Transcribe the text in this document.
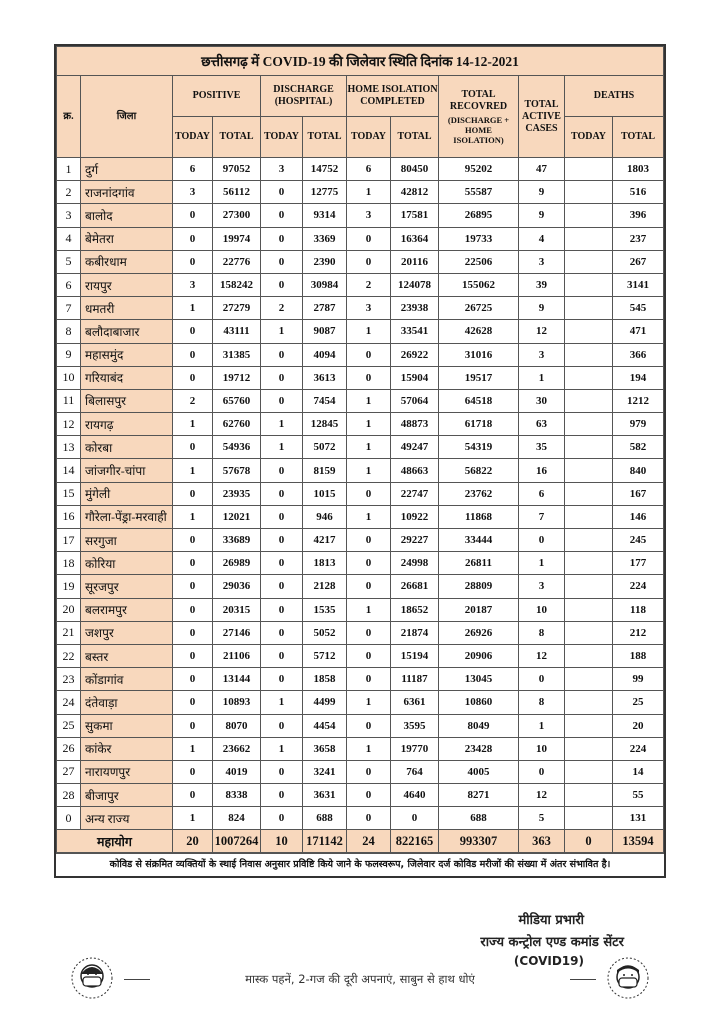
छत्तीसगढ़ में COVID-19 की जिलेवार स्थिति दिनांक 14-12-2021											
क्र.	जिला	POSITIVE		DISCHARGE (HOSPITAL)		HOME ISOLATION COMPLETED		TOTAL RECOVRED
(DISCHARGE + HOME ISOLATION)	TOTAL ACTIVE CASES	DEATHS	
		TODAY	TOTAL	TODAY	TOTAL	TODAY	TOTAL			TODAY	TOTAL
1	दुर्ग	6	97052	3	14752	6	80450	95202	47		1803
2	राजनांदगांव	3	56112	0	12775	1	42812	55587	9		516
3	बालोद	0	27300	0	9314	3	17581	26895	9		396
4	बेमेतरा	0	19974	0	3369	0	16364	19733	4		237
5	कबीरधाम	0	22776	0	2390	0	20116	22506	3		267
6	रायपुर	3	158242	0	30984	2	124078	155062	39		3141
7	धमतरी	1	27279	2	2787	3	23938	26725	9		545
8	बलौदाबाजार	0	43111	1	9087	1	33541	42628	12		471
9	महासमुंद	0	31385	0	4094	0	26922	31016	3		366
10	गरियाबंद	0	19712	0	3613	0	15904	19517	1		194
11	बिलासपुर	2	65760	0	7454	1	57064	64518	30		1212
12	रायगढ़	1	62760	1	12845	1	48873	61718	63		979
13	कोरबा	0	54936	1	5072	1	49247	54319	35		582
14	जांजगीर-चांपा	1	57678	0	8159	1	48663	56822	16		840
15	मुंगेली	0	23935	0	1015	0	22747	23762	6		167
16	गौरेला-पेंड्रा-मरवाही	1	12021	0	946	1	10922	11868	7		146
17	सरगुजा	0	33689	0	4217	0	29227	33444	0		245
18	कोरिया	0	26989	0	1813	0	24998	26811	1		177
19	सूरजपुर	0	29036	0	2128	0	26681	28809	3		224
20	बलरामपुर	0	20315	0	1535	1	18652	20187	10		118
21	जशपुर	0	27146	0	5052	0	21874	26926	8		212
22	बस्तर	0	21106	0	5712	0	15194	20906	12		188
23	कोंडागांव	0	13144	0	1858	0	11187	13045	0		99
24	दंतेवाड़ा	0	10893	1	4499	1	6361	10860	8		25
25	सुकमा	0	8070	0	4454	0	3595	8049	1		20
26	कांकेर	1	23662	1	3658	1	19770	23428	10		224
27	नारायणपुर	0	4019	0	3241	0	764	4005	0		14
28	बीजापुर	0	8338	0	3631	0	4640	8271	12		55
0	अन्य राज्य	1	824	0	688	0	0	688	5		131
महायोग		20	1007264	10	171142	24	822165	993307	363	0	13594
कोविड से संक्रमित व्यक्तियों के स्थाई निवास अनुसार प्रविष्टि किये जाने के फलस्वरूप, जिलेवार दर्ज कोविड मरीजों की संख्या में अंतर संभावित है।
मीडिया प्रभारी
राज्य कन्ट्रोल एण्ड कमांड सेंटर
(COVID19)
मास्क पहनें, 2-गज की दूरी अपनाएं, साबुन से हाथ धोएं
